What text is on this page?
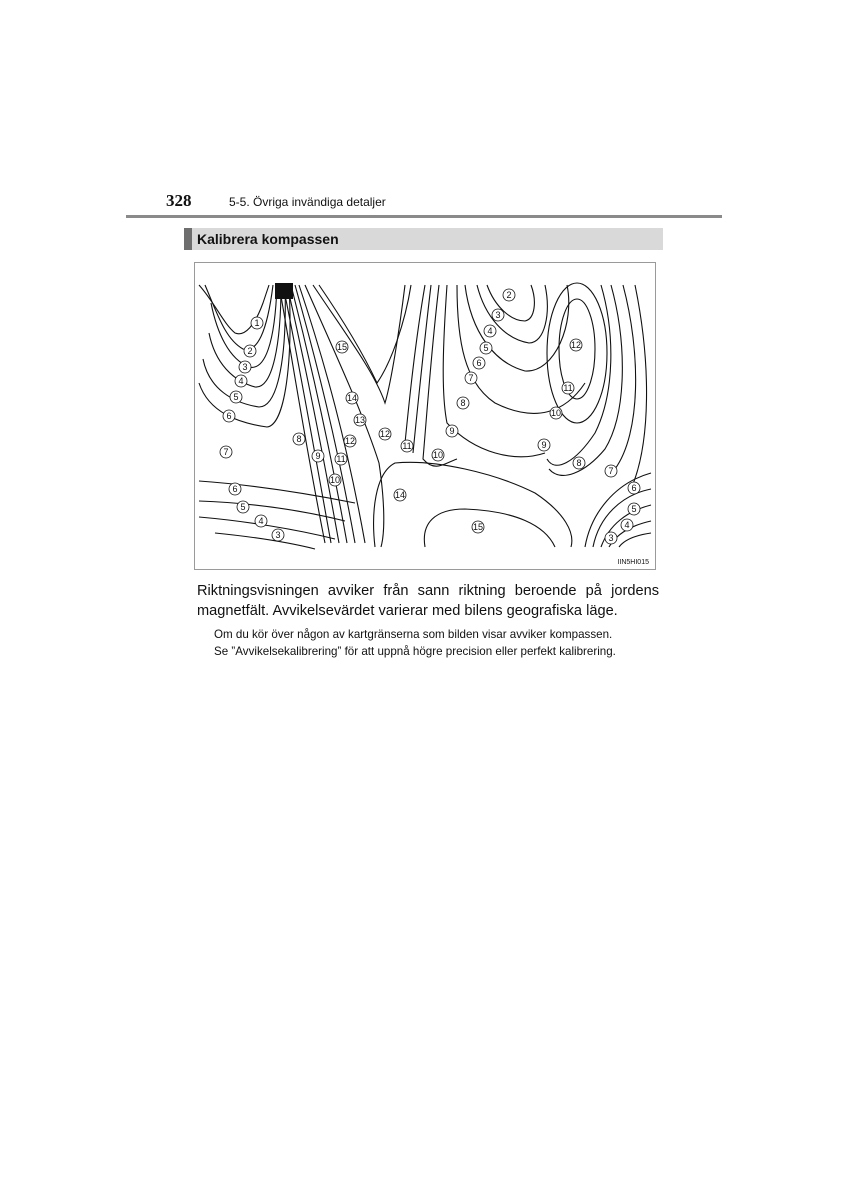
328	5-5. Övriga invändiga detaljer
Kalibrera kompassen
1
2
3
4
5
6
7
15
14
13
12
8
9 11
10
12
11
10
9
8
7
6
5
4
3
2
12
11
10
9
8
7
6
5
4
3
14
15
6
5
4
3
IIN5HI015

Riktningsvisningen avviker från sann riktning beroende på jordens magnetfält. Avvikelsevärdet varierar med bilens geografiska läge.

Om du kör över någon av kartgränserna som bilden visar avviker kompassen.
Se ”Avvikelsekalibrering” för att uppnå högre precision eller perfekt kalibrering.
